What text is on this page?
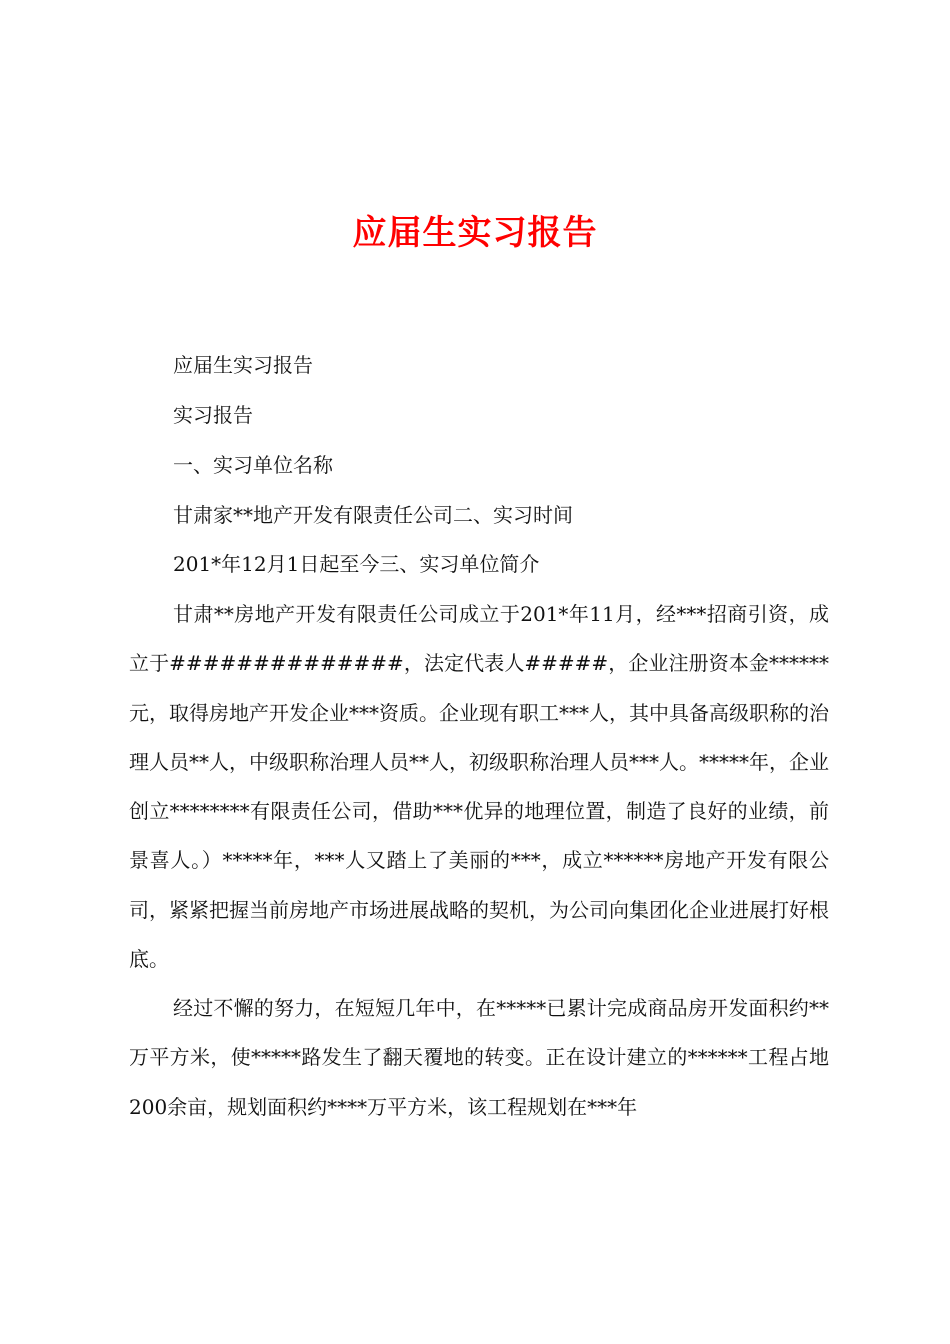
应届生实习报告
应届生实习报告
实习报告
一、实习单位名称
甘肃家**地产开发有限责任公司二、实习时间
201*年12月1日起至今三、实习单位简介
甘肃**房地产开发有限责任公司成立于201*年11月，经***招商引资，成立于##############，法定代表人#####，企业注册资本金******元，取得房地产开发企业***资质。企业现有职工***人，其中具备高级职称的治理人员**人，中级职称治理人员**人，初级职称治理人员***人。*****年，企业创立********有限责任公司，借助***优异的地理位置，制造了良好的业绩，前景喜人。）*****年，***人又踏上了美丽的***，成立******房地产开发有限公司，紧紧把握当前房地产市场进展战略的契机，为公司向集团化企业进展打好根底。
经过不懈的努力，在短短几年中，在*****已累计完成商品房开发面积约**万平方米，使*****路发生了翻天覆地的转变。正在设计建立的******工程占地200余亩，规划面积约****万平方米，该工程规划在***年
